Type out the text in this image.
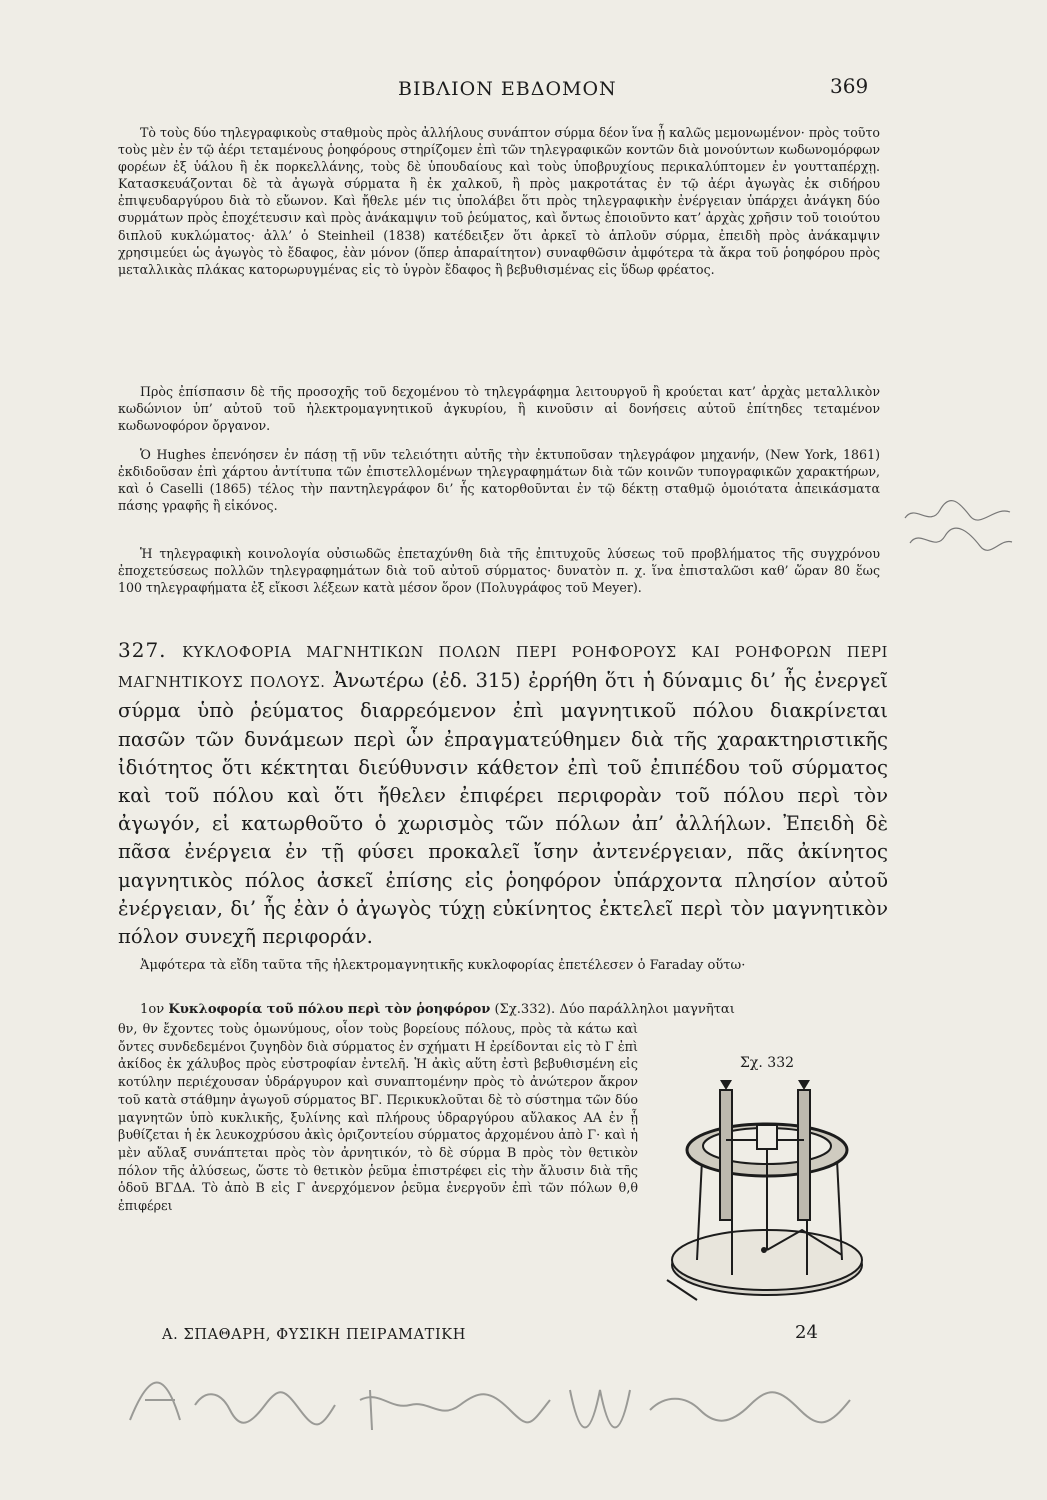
ΒΙΒΛΙΟΝ ΕΒΔΟΜΟΝ	369

Τὸ τοὺς δύο τηλεγραφικοὺς σταθμοὺς πρὸς ἀλλήλους συνάπτον σύρμα δέον ἵνα ᾖ καλῶς μεμονωμένον· πρὸς τοῦτο τοὺς μὲν ἐν τῷ ἀέρι τεταμένους ῥοηφόρους στηρίζομεν ἐπὶ τῶν τηλεγραφικῶν κοντῶν διὰ μονούντων κωδωνομόρφων φορέων ἐξ ὑάλου ἢ ἐκ πορκελλάνης, τοὺς δὲ ὑπουδαίους καὶ τοὺς ὑποβρυχίους περικαλύπτομεν ἐν γουτταπέρχῃ. Κατασκευάζονται δὲ τὰ ἀγωγὰ σύρματα ἢ ἐκ χαλκοῦ, ἢ πρὸς μακροτάτας ἐν τῷ ἀέρι ἀγωγὰς ἐκ σιδήρου ἐπιψευδαργύρου διὰ τὸ εὔωνον. Καὶ ἤθελε μέν τις ὑπολάβει ὅτι πρὸς τηλεγραφικὴν ἐνέργειαν ὑπάρχει ἀνάγκη δύο συρμάτων πρὸς ἐποχέτευσιν καὶ πρὸς ἀνάκαμψιν τοῦ ῥεύματος, καὶ ὄντως ἐποιοῦντο κατ’ ἀρχὰς χρῆσιν τοῦ τοιούτου διπλοῦ κυκλώματος· ἀλλ’ ὁ Steinheil (1838) κατέδειξεν ὅτι ἀρκεῖ τὸ ἁπλοῦν σύρμα, ἐπειδὴ πρὸς ἀνάκαμψιν χρησιμεύει ὡς ἀγωγὸς τὸ ἔδαφος, ἐὰν μόνον (ὅπερ ἀπαραίτητον) συναφθῶσιν ἀμφότερα τὰ ἄκρα τοῦ ῥοηφόρου πρὸς μεταλλικὰς πλάκας κατορωρυγμένας εἰς τὸ ὑγρὸν ἔδαφος ἢ βεβυθισμένας εἰς ὕδωρ φρέατος.

Πρὸς ἐπίσπασιν δὲ τῆς προσοχῆς τοῦ δεχομένου τὸ τηλεγράφημα λειτουργοῦ ἢ κρούεται κατ’ ἀρχὰς μεταλλικὸν κωδώνιον ὑπ’ αὐτοῦ τοῦ ἠλεκτρομαγνητικοῦ ἀγκυρίου, ἢ κινοῦσιν αἱ δονήσεις αὐτοῦ ἐπίτηδες τεταμένον κωδωνοφόρον ὄργανον.

Ὁ Hughes ἐπενόησεν ἐν πάσῃ τῇ νῦν τελειότητι αὐτῆς τὴν ἐκτυποῦσαν τηλεγράφον μηχανήν, (New York, 1861) ἐκδιδοῦσαν ἐπὶ χάρτου ἀντίτυπα τῶν ἐπιστελλομένων τηλεγραφημάτων διὰ τῶν κοινῶν τυπογραφικῶν χαρακτήρων, καὶ ὁ Caselli (1865) τέλος τὴν παντηλεγράφον δι’ ἧς κατορθοῦνται ἐν τῷ δέκτῃ σταθμῷ ὁμοιότατα ἀπεικάσματα πάσης γραφῆς ἢ εἰκόνος.

Ἡ τηλεγραφικὴ κοινολογία οὐσιωδῶς ἐπεταχύνθη διὰ τῆς ἐπιτυχοῦς λύσεως τοῦ προβλήματος τῆς συγχρόνου ἐποχετεύσεως πολλῶν τηλεγραφημάτων διὰ τοῦ αὐτοῦ σύρματος· δυνατὸν π. χ. ἵνα ἐπισταλῶσι καθ’ ὥραν 80 ἕως 100 τηλεγραφήματα ἐξ εἴκοσι λέξεων κατὰ μέσον ὅρον (Πολυγράφος τοῦ Meyer).

327. ΚΥΚΛΟΦΟΡΙΑ ΜΑΓΝΗΤΙΚΩΝ ΠΟΛΩΝ ΠΕΡΙ ΡΟΗΦΟΡΟΥΣ ΚΑΙ ΡΟΗΦΟΡΩΝ ΠΕΡΙ ΜΑΓΝΗΤΙΚΟΥΣ ΠΟΛΟΥΣ. Ἀνωτέρω (ἐδ. 315) ἐρρήθη ὅτι ἡ δύναμις δι’ ἧς ἐνεργεῖ σύρμα ὑπὸ ῥεύματος διαρρεόμενον ἐπὶ μαγνητικοῦ πόλου διακρίνεται πασῶν τῶν δυνάμεων περὶ ὧν ἐπραγματεύθημεν διὰ τῆς χαρακτηριστικῆς ἰδιότητος ὅτι κέκτηται διεύθυνσιν κάθετον ἐπὶ τοῦ ἐπιπέδου τοῦ σύρματος καὶ τοῦ πόλου καὶ ὅτι ἤθελεν ἐπιφέρει περιφορὰν τοῦ πόλου περὶ τὸν ἀγωγόν, εἰ κατωρθοῦτο ὁ χωρισμὸς τῶν πόλων ἀπ’ ἀλλήλων. Ἐπειδὴ δὲ πᾶσα ἐνέργεια ἐν τῇ φύσει προκαλεῖ ἴσην ἀντενέργειαν, πᾶς ἀκίνητος μαγνητικὸς πόλος ἀσκεῖ ἐπίσης εἰς ῥοηφόρον ὑπάρχοντα πλησίον αὐτοῦ ἐνέργειαν, δι’ ἧς ἐὰν ὁ ἀγωγὸς τύχῃ εὐκίνητος ἐκτελεῖ περὶ τὸν μαγνητικὸν πόλον συνεχῆ περιφοράν.

Ἀμφότερα τὰ εἴδη ταῦτα τῆς ἠλεκτρομαγνητικῆς κυκλοφορίας ἐπετέλεσεν ὁ Faraday οὕτω·

1ον Κυκλοφορία τοῦ πόλου περὶ τὸν ῥοηφόρον (Σχ.332). Δύο παράλληλοι μαγνῆται
θν, θν ἔχοντες τοὺς ὁμωνύμους, οἷον τοὺς βορείους πόλους, πρὸς τὰ κάτω καὶ ὄντες συνδεδεμένοι ζυγηδὸν διὰ σύρματος ἐν σχήματι Η ἐρείδονται εἰς τὸ Γ ἐπὶ ἀκίδος ἐκ χάλυβος πρὸς εὐστροφίαν ἐντελῆ. Ἡ ἀκὶς αὕτη ἐστὶ βεβυθισμένη εἰς κοτύλην περιέχουσαν ὑδράργυρον καὶ συναπτομένην πρὸς τὸ ἀνώτερον ἄκρον τοῦ κατὰ στάθμην ἀγωγοῦ σύρματος ΒΓ. Περικυκλοῦται δὲ τὸ σύστημα τῶν δύο μαγνητῶν ὑπὸ κυκλικῆς, ξυλίνης καὶ πλήρους ὑδραργύρου αὔλακος ΑΑ ἐν ᾗ βυθίζεται ἡ ἐκ λευκοχρύσου ἀκὶς ὁριζοντείου σύρματος ἀρχομένου ἀπὸ Γ· καὶ ἡ μὲν αὔλαξ συνάπτεται πρὸς τὸν ἀρνητικόν, τὸ δὲ σύρμα Β πρὸς τὸν θετικὸν πόλον τῆς ἀλύσεως, ὥστε τὸ θετικὸν ῥεῦμα ἐπιστρέφει εἰς τὴν ἄλυσιν διὰ τῆς ὁδοῦ ΒΓΔΑ. Τὸ ἀπὸ Β εἰς Γ ἀνερχόμενον ῥεῦμα ἐνεργοῦν ἐπὶ τῶν πόλων θ,θ ἐπιφέρει
Σχ. 332
Α. ΣΠΑΘΑΡΗ, ΦΥΣΙΚΗ ΠΕΙΡΑΜΑΤΙΚΗ	24
